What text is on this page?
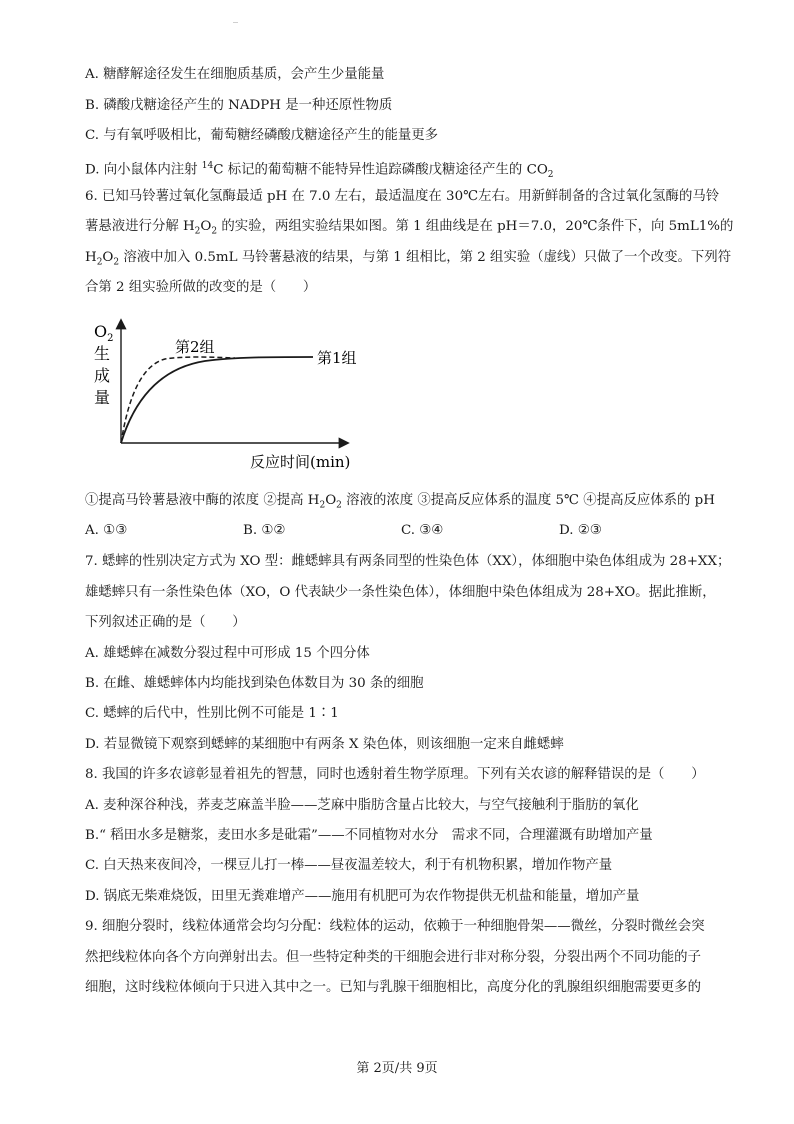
A. 糖酵解途径发生在细胞质基质，会产生少量能量
B. 磷酸戊糖途径产生的 NADPH 是一种还原性物质
C. 与有氧呼吸相比，葡萄糖经磷酸戊糖途径产生的能量更多
D. 向小鼠体内注射 $^{14}$C 标记的葡萄糖不能特异性追踪磷酸戊糖途径产生的 $CO_2$
6. 已知马铃薯过氧化氢酶最适 pH 在 7.0 左右，最适温度在 30℃左右。用新鲜制备的含过氧化氢酶的马铃
薯悬液进行分解 $H_2O_2$ 的实验，两组实验结果如图。第 1 组曲线是在 pH＝7.0，20℃条件下，向 5mL1%的
$H_2O_2$ 溶液中加入 0.5mL 马铃薯悬液的结果，与第 1 组相比，第 2 组实验（虚线）只做了一个改变。下列符
合第 2 组实验所做的改变的是（　　）
$O_2$
生
成
量
第2组
第1组
反应时间(min)
①提高马铃薯悬液中酶的浓度 ②提高 $H_2O_2$ 溶液的浓度 ③提高反应体系的温度 5℃ ④提高反应体系的 pH
A. ①③	B. ①②	C. ③④	D. ②③
7. 蟋蟀的性别决定方式为 XO 型：雌蟋蟀具有两条同型的性染色体（XX），体细胞中染色体组成为 28+XX；
雄蟋蟀只有一条性染色体（XO，O 代表缺少一条性染色体），体细胞中染色体组成为 28+XO。据此推断，
下列叙述正确的是（　　）
A. 雄蟋蟀在减数分裂过程中可形成 15 个四分体
B. 在雌、雄蟋蟀体内均能找到染色体数目为 30 条的细胞
C. 蟋蟀的后代中，性别比例不可能是 1∶1
D. 若显微镜下观察到蟋蟀的某细胞中有两条 X 染色体，则该细胞一定来自雌蟋蟀
8. 我国的许多农谚彰显着祖先的智慧，同时也透射着生物学原理。下列有关农谚的解释错误的是（　　）
A. 麦种深谷种浅，荞麦芝麻盖半脸——芝麻中脂肪含量占比较大，与空气接触利于脂肪的氧化
B.“ 稻田水多是糖浆，麦田水多是砒霜”——不同植物对水分　需求不同，合理灌溉有助增加产量
C. 白天热来夜间冷，一棵豆儿打一棒——昼夜温差较大，利于有机物积累，增加作物产量
D. 锅底无柴难烧饭，田里无粪难增产——施用有机肥可为农作物提供无机盐和能量，增加产量
9. 细胞分裂时，线粒体通常会均匀分配：线粒体的运动，依赖于一种细胞骨架——微丝，分裂时微丝会突
然把线粒体向各个方向弹射出去。但一些特定种类的干细胞会进行非对称分裂，分裂出两个不同功能的子
细胞，这时线粒体倾向于只进入其中之一。已知与乳腺干细胞相比，高度分化的乳腺组织细胞需要更多的
第 2页/共 9页
